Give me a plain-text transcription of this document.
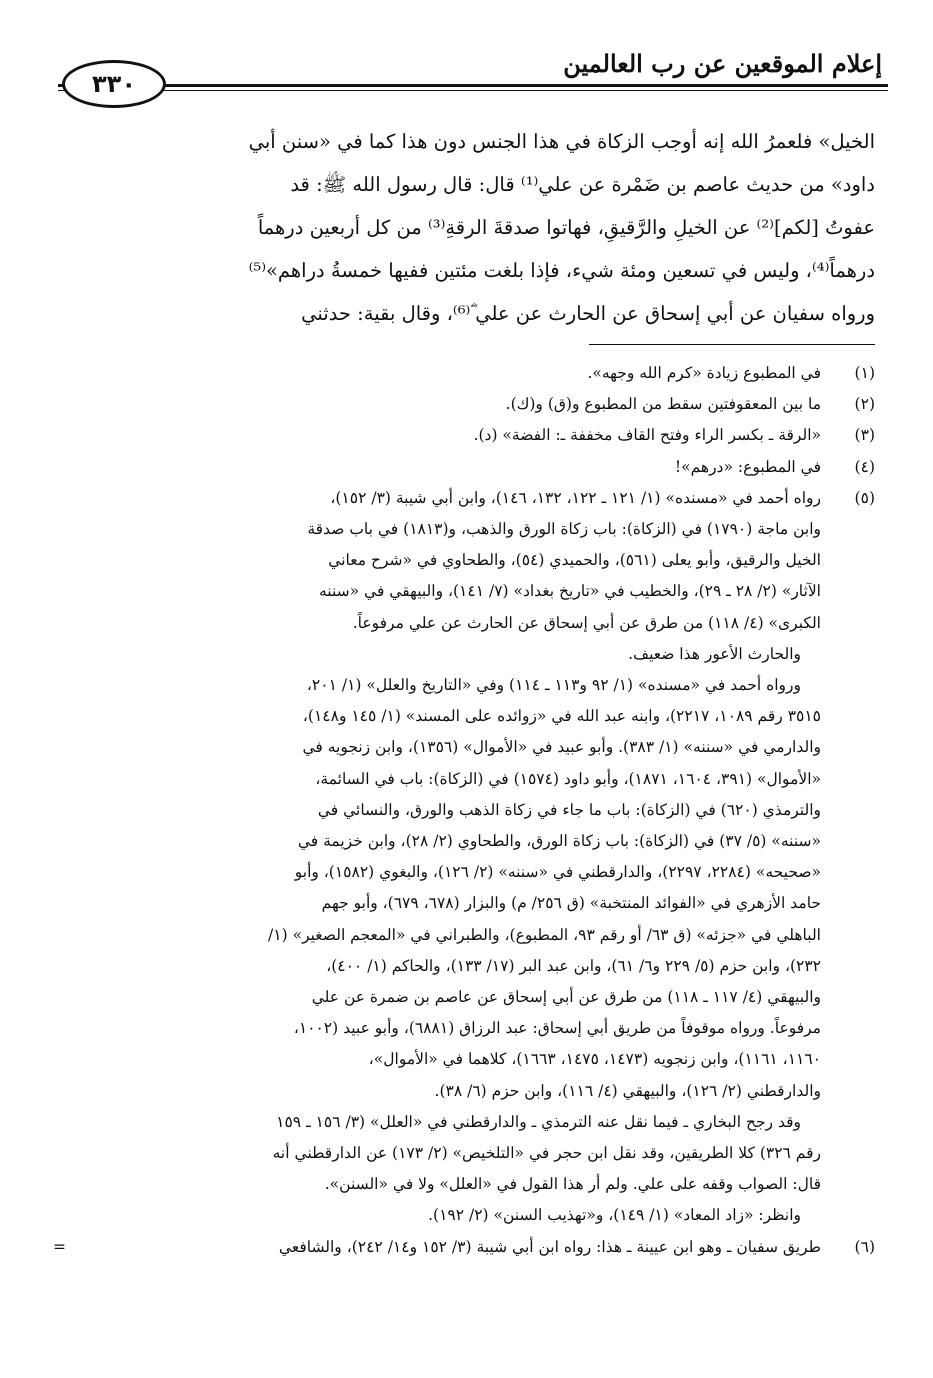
إعلام الموقعين عن رب العالمين
٣٣٠
الخيل» فلعمرُ الله إنه أوجب الزكاة في هذا الجنس دون هذا كما في «سنن أبي
داود» من حديث عاصم بن ضَمْرة عن علي⁽¹⁾ قال: قال رسول الله ﷺ: قد
عفوتُ [لكم]⁽²⁾ عن الخيلِ والرَّقيقِ، فهاتوا صدقةَ الرقةِ⁽³⁾ من كل أربعين درهماً
درهماً⁽⁴⁾، وليس في تسعين ومئة شيء، فإذا بلغت مئتين ففيها خمسةُ دراهم»⁽⁵⁾
ورواه سفيان عن أبي إسحاق عن الحارث عن علي ؓ⁽⁶⁾، وقال بقية: حدثني
(١)
في المطبوع زيادة «كرم الله وجهه».
(٢)
ما بين المعقوفتين سقط من المطبوع و(ق) و(ك).
(٣)
«الرقة ـ بكسر الراء وفتح القاف مخففة ـ: الفضة» (د).
(٤)
في المطبوع: «درهم»!
(٥)
رواه أحمد في «مسنده» (١/ ١٢١ ـ ١٢٢، ١٣٢، ١٤٦)، وابن أبي شيبة (٣/ ١٥٢)،
وابن ماجة (١٧٩٠) في (الزكاة): باب زكاة الورق والذهب، و(١٨١٣) في باب صدقة
الخيل والرقيق، وأبو يعلى (٥٦١)، والحميدي (٥٤)، والطحاوي في «شرح معاني
الآثار» (٢/ ٢٨ ـ ٢٩)، والخطيب في «تاريخ بغداد» (٧/ ١٤١)، والبيهقي في «سننه
الكبرى» (٤/ ١١٨) من طرق عن أبي إسحاق عن الحارث عن علي مرفوعاً.
والحارث الأعور هذا ضعيف.
ورواه أحمد في «مسنده» (١/ ٩٢ و١١٣ ـ ١١٤) وفي «التاريخ والعلل» (١/ ٢٠١،
٣٥١٥ رقم ١٠٨٩، ٢٢١٧)، وابنه عبد الله في «زوائده على المسند» (١/ ١٤٥ و١٤٨)،
والدارمي في «سننه» (١/ ٣٨٣). وأبو عبيد في «الأموال» (١٣٥٦)، وابن زنجويه في
«الأموال» (٣٩١، ١٦٠٤، ١٨٧١)، وأبو داود (١٥٧٤) في (الزكاة): باب في السائمة،
والترمذي (٦٢٠) في (الزكاة): باب ما جاء في زكاة الذهب والورق، والنسائي في
«سننه» (٥/ ٣٧) في (الزكاة): باب زكاة الورق، والطحاوي (٢/ ٢٨)، وابن خزيمة في
«صحيحه» (٢٢٨٤، ٢٢٩٧)، والدارقطني في «سننه» (٢/ ١٢٦)، والبغوي (١٥٨٢)، وأبو
حامد الأزهري في «الفوائد المنتخبة» (ق ٢٥٦/ م) والبزار (٦٧٨، ٦٧٩)، وأبو جهم
الباهلي في «جزئه» (ق ٦٣/ أو رقم ٩٣، المطبوع)، والطبراني في «المعجم الصغير» (١/
٢٣٢)، وابن حزم (٥/ ٢٢٩ و٦/ ٦١)، وابن عبد البر (١٧/ ١٣٣)، والحاكم (١/ ٤٠٠)،
والبيهقي (٤/ ١١٧ ـ ١١٨) من طرق عن أبي إسحاق عن عاصم بن ضمرة عن علي
مرفوعاً. ورواه موقوفاً من طريق أبي إسحاق: عبد الرزاق (٦٨٨١)، وأبو عبيد (١٠٠٢،
١١٦٠، ١١٦١)، وابن زنجويه (١٤٧٣، ١٤٧٥، ١٦٦٣)، كلاهما في «الأموال»،
والدارقطني (٢/ ١٢٦)، والبيهقي (٤/ ١١٦)، وابن حزم (٦/ ٣٨).
وقد رجح البخاري ـ فيما نقل عنه الترمذي ـ والدارقطني في «العلل» (٣/ ١٥٦ ـ ١٥٩
رقم ٣٢٦) كلا الطريقين، وقد نقل ابن حجر في «التلخيص» (٢/ ١٧٣) عن الدارقطني أنه
قال: الصواب وقفه على علي. ولم أر هذا القول في «العلل» ولا في «السنن».
وانظر: «زاد المعاد» (١/ ١٤٩)، و«تهذيب السنن» (٢/ ١٩٢).
(٦)
طريق سفيان ـ وهو ابن عيينة ـ هذا: رواه ابن أبي شيبة (٣/ ١٥٢ و١٤/ ٢٤٢)، والشافعي
=
